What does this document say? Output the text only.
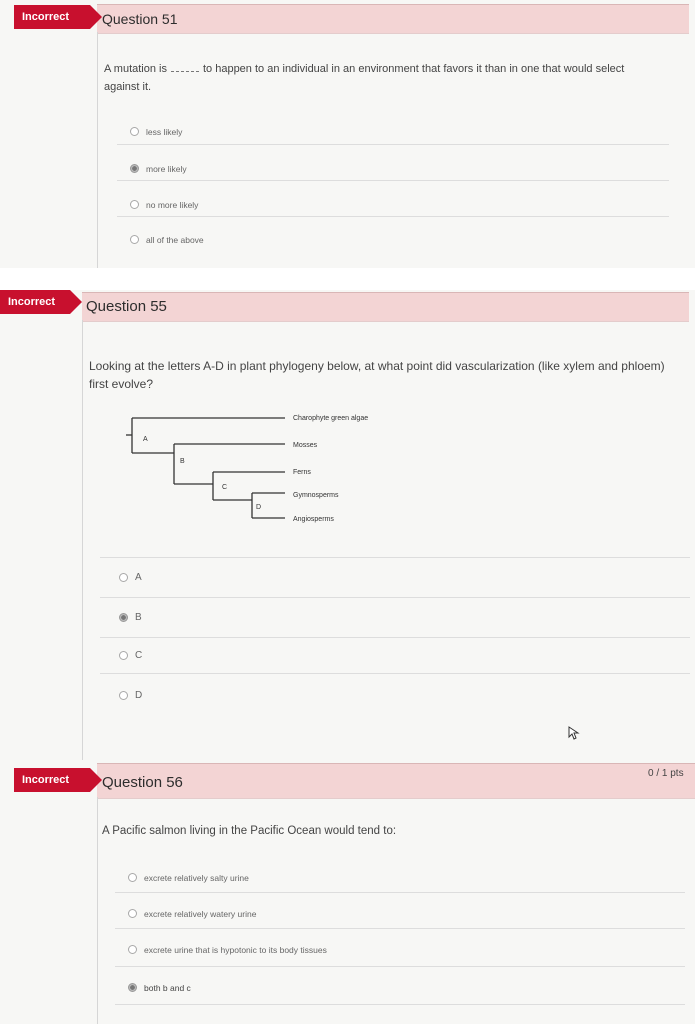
Incorrect	Question 51
A mutation is	to happen to an individual in an environment that favors it than in one that would select
against it.
less likely
more likely
no more likely
all of the above
Incorrect	Question 55
Looking at the letters A-D in plant phylogeny below, at what point did vascularization (like xylem and phloem) first evolve?
A
B
C
D
Charophyte green algae
Mosses
Ferns
Gymnosperms
Angiosperms
A
B
C
D
Incorrect	Question 56
0 / 1 pts
A Pacific salmon living in the Pacific Ocean would tend to:
excrete relatively salty urine
excrete relatively watery urine
excrete urine that is hypotonic to its body tissues
both b and c
